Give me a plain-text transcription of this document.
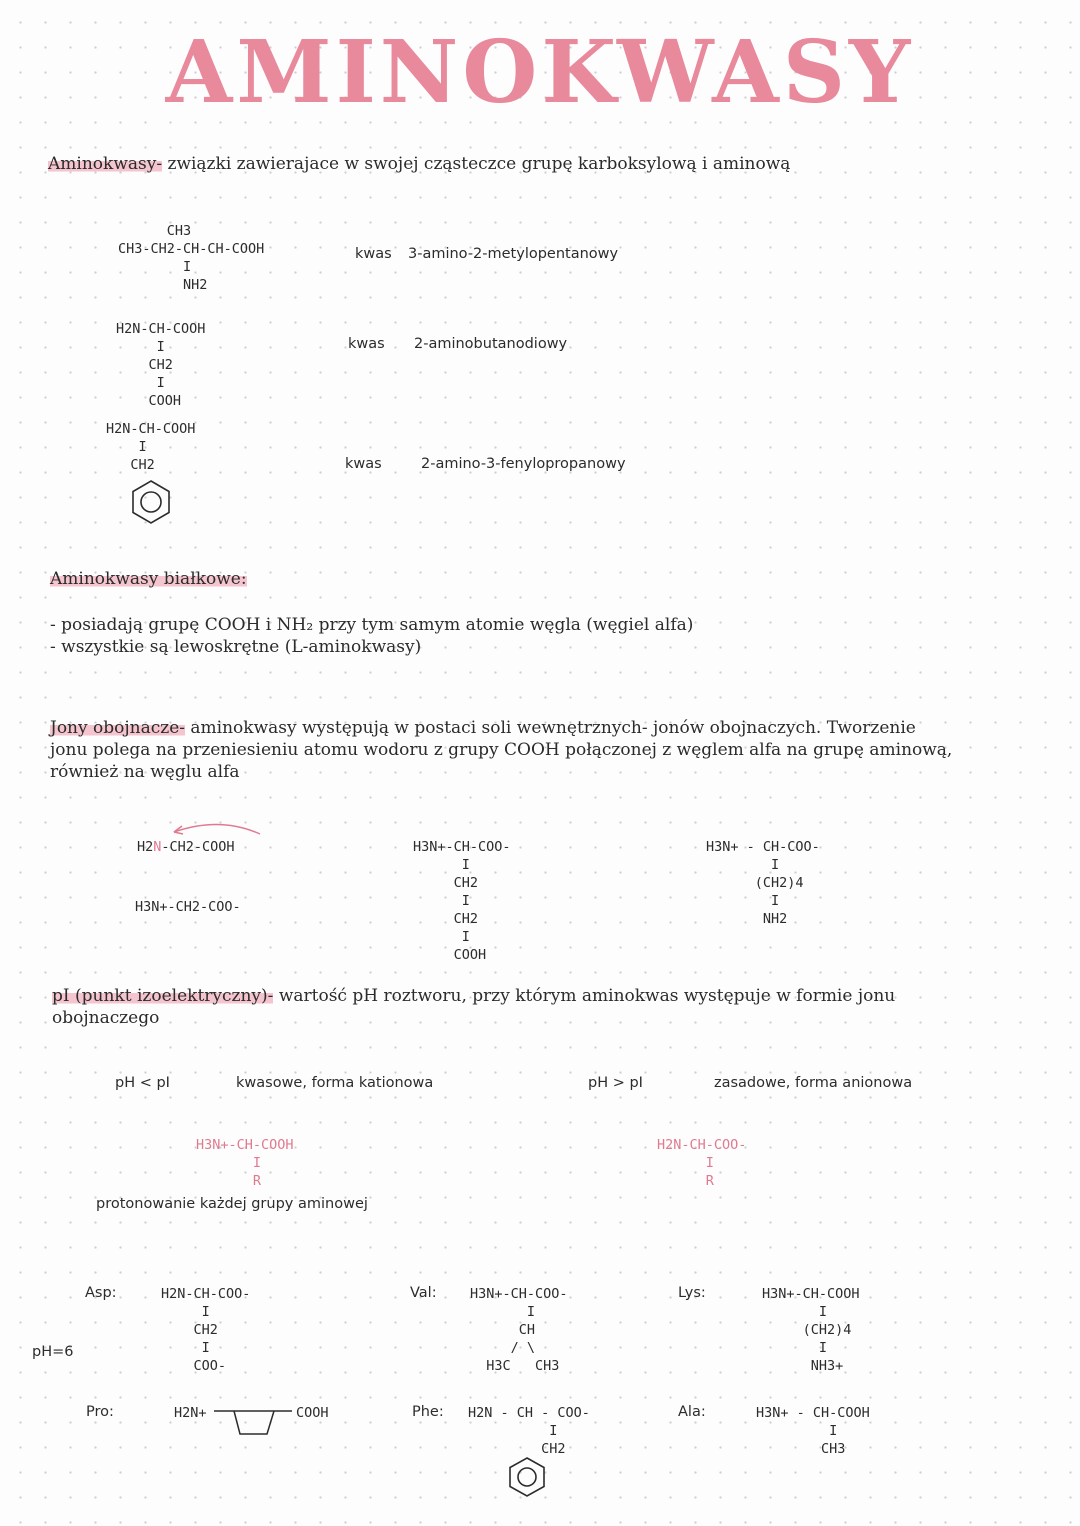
AMINOKWASY
Aminokwasy- związki zawierajace w swojej cząsteczce grupę karboksylową i aminową
CH3
CH3-CH2-CH-CH-COOH
I
NH2
kwas 3-amino-2-metylopentanowy
H2N-CH-COOH
I
CH2
I
COOH
kwas 2-aminobutanodiowy
H2N-CH-COOH
I
CH2	kwas	2-amino-3-fenylopropanowy
Aminokwasy białkowe:
- posiadają grupę COOH i NH₂ przy tym samym atomie węgla (węgiel alfa)
- wszystkie są lewoskrętne (L-aminokwasy)
Jony obojnacze- aminokwasy występują w postaci soli wewnętrznych- jonów obojnaczych. Tworzenie
jonu polega na przeniesieniu atomu wodoru z grupy COOH połączonej z węglem alfa na grupę aminową,
również na węglu alfa
H2N-CH2-COOH
H3N+-CH2-COO-
H3N+-CH-COO-
I
CH2
I
CH2
I
COOH
H3N+ - CH-COO-
I
(CH2)4
I
NH2
pI (punkt izoelektryczny)- wartość pH roztworu, przy którym aminokwas występuje w formie jonu
obojnaczego
pH < pI	kwasowe, forma kationowa
H3N+-CH-COOH
I
R
protonowanie każdej grupy aminowej
pH > pI	zasadowe, forma anionowa
H2N-CH-COO-
I
R
pH=6
Asp:	H2N-CH-COO-
I
CH2
I
COO-
Val: H3N+-CH-COO-
I
CH
/ \
H3C   CH3
Lys:	H3N+-CH-COOH
I
(CH2)4
I
NH3+
Pro:	H2N+	COOH	Phe: H2N - CH - COO-
I
CH2
Ala:	H3N+ - CH-COOH
I
CH3
